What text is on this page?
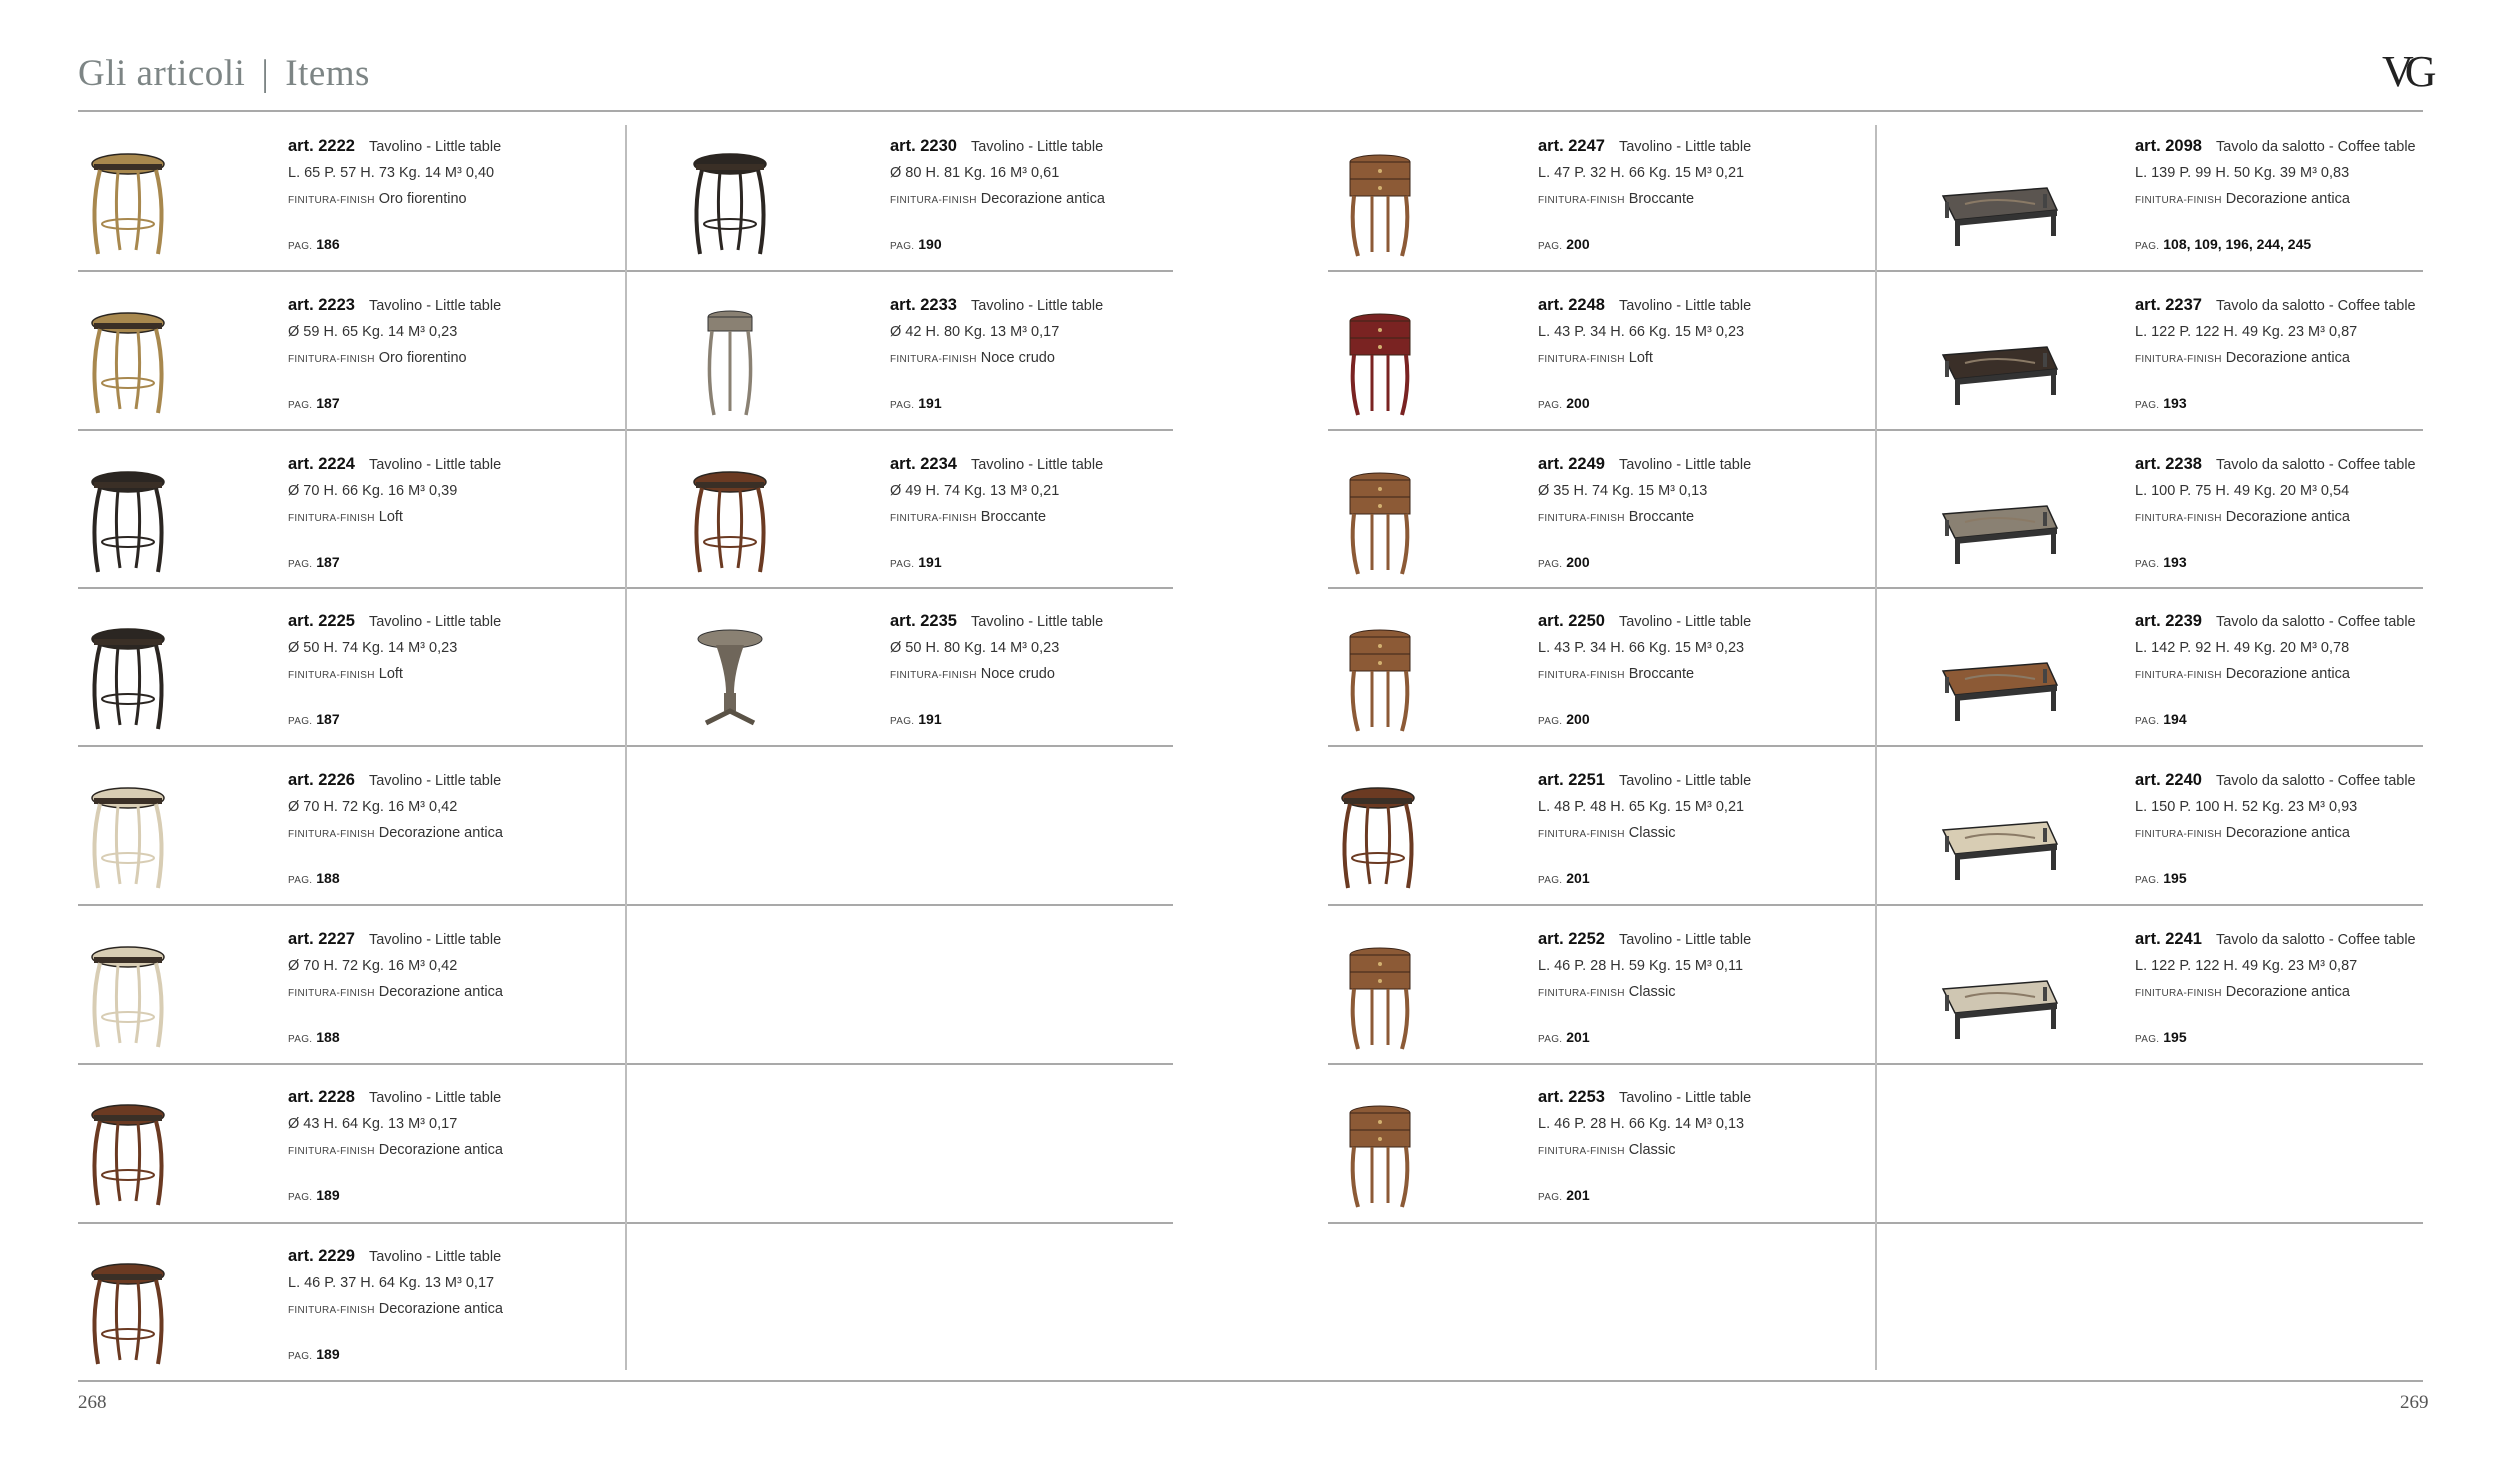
Gli articoli | Items	VG
268	269
art. 2222 Tavolino - Little table
L. 65 P. 57 H. 73 Kg. 14 M³ 0,40
FINITURA-FINISH Oro fiorentino
PAG. 186
art. 2223 Tavolino - Little table
Ø 59 H. 65 Kg. 14 M³ 0,23
FINITURA-FINISH Oro fiorentino
PAG. 187
art. 2224 Tavolino - Little table
Ø 70 H. 66 Kg. 16 M³ 0,39
FINITURA-FINISH Loft
PAG. 187
art. 2225 Tavolino - Little table
Ø 50 H. 74 Kg. 14 M³ 0,23
FINITURA-FINISH Loft
PAG. 187
art. 2226 Tavolino - Little table
Ø 70 H. 72 Kg. 16 M³ 0,42
FINITURA-FINISH Decorazione antica
PAG. 188
art. 2227 Tavolino - Little table
Ø 70 H. 72 Kg. 16 M³ 0,42
FINITURA-FINISH Decorazione antica
PAG. 188
art. 2228 Tavolino - Little table
Ø 43 H. 64 Kg. 13 M³ 0,17
FINITURA-FINISH Decorazione antica
PAG. 189
art. 2229 Tavolino - Little table
L. 46 P. 37 H. 64 Kg. 13 M³ 0,17
FINITURA-FINISH Decorazione antica
PAG. 189
art. 2230 Tavolino - Little table
Ø 80 H. 81 Kg. 16 M³ 0,61
FINITURA-FINISH Decorazione antica
PAG. 190
art. 2233 Tavolino - Little table
Ø 42 H. 80 Kg. 13 M³ 0,17
FINITURA-FINISH Noce crudo
PAG. 191
art. 2234 Tavolino - Little table
Ø 49 H. 74 Kg. 13 M³ 0,21
FINITURA-FINISH Broccante
PAG. 191
art. 2235 Tavolino - Little table
Ø 50 H. 80 Kg. 14 M³ 0,23
FINITURA-FINISH Noce crudo
PAG. 191
art. 2247 Tavolino - Little table
L. 47 P. 32 H. 66 Kg. 15 M³ 0,21
FINITURA-FINISH Broccante
PAG. 200
art. 2248 Tavolino - Little table
L. 43 P. 34 H. 66 Kg. 15 M³ 0,23
FINITURA-FINISH Loft
PAG. 200
art. 2249 Tavolino - Little table
Ø 35 H. 74 Kg. 15 M³ 0,13
FINITURA-FINISH Broccante
PAG. 200
art. 2250 Tavolino - Little table
L. 43 P. 34 H. 66 Kg. 15 M³ 0,23
FINITURA-FINISH Broccante
PAG. 200
art. 2251 Tavolino - Little table
L. 48 P. 48 H. 65 Kg. 15 M³ 0,21
FINITURA-FINISH Classic
PAG. 201
art. 2252 Tavolino - Little table
L. 46 P. 28 H. 59 Kg. 15 M³ 0,11
FINITURA-FINISH Classic
PAG. 201
art. 2253 Tavolino - Little table
L. 46 P. 28 H. 66 Kg. 14 M³ 0,13
FINITURA-FINISH Classic
PAG. 201
art. 2098 Tavolo da salotto - Coffee table
L. 139 P. 99 H. 50 Kg. 39 M³ 0,83
FINITURA-FINISH Decorazione antica
PAG. 108, 109, 196, 244, 245
art. 2237 Tavolo da salotto - Coffee table
L. 122 P. 122 H. 49 Kg. 23 M³ 0,87
FINITURA-FINISH Decorazione antica
PAG. 193
art. 2238 Tavolo da salotto - Coffee table
L. 100 P. 75 H. 49 Kg. 20 M³ 0,54
FINITURA-FINISH Decorazione antica
PAG. 193
art. 2239 Tavolo da salotto - Coffee table
L. 142 P. 92 H. 49 Kg. 20 M³ 0,78
FINITURA-FINISH Decorazione antica
PAG. 194
art. 2240 Tavolo da salotto - Coffee table
L. 150 P. 100 H. 52 Kg. 23 M³ 0,93
FINITURA-FINISH Decorazione antica
PAG. 195
art. 2241 Tavolo da salotto - Coffee table
L. 122 P. 122 H. 49 Kg. 23 M³ 0,87
FINITURA-FINISH Decorazione antica
PAG. 195
